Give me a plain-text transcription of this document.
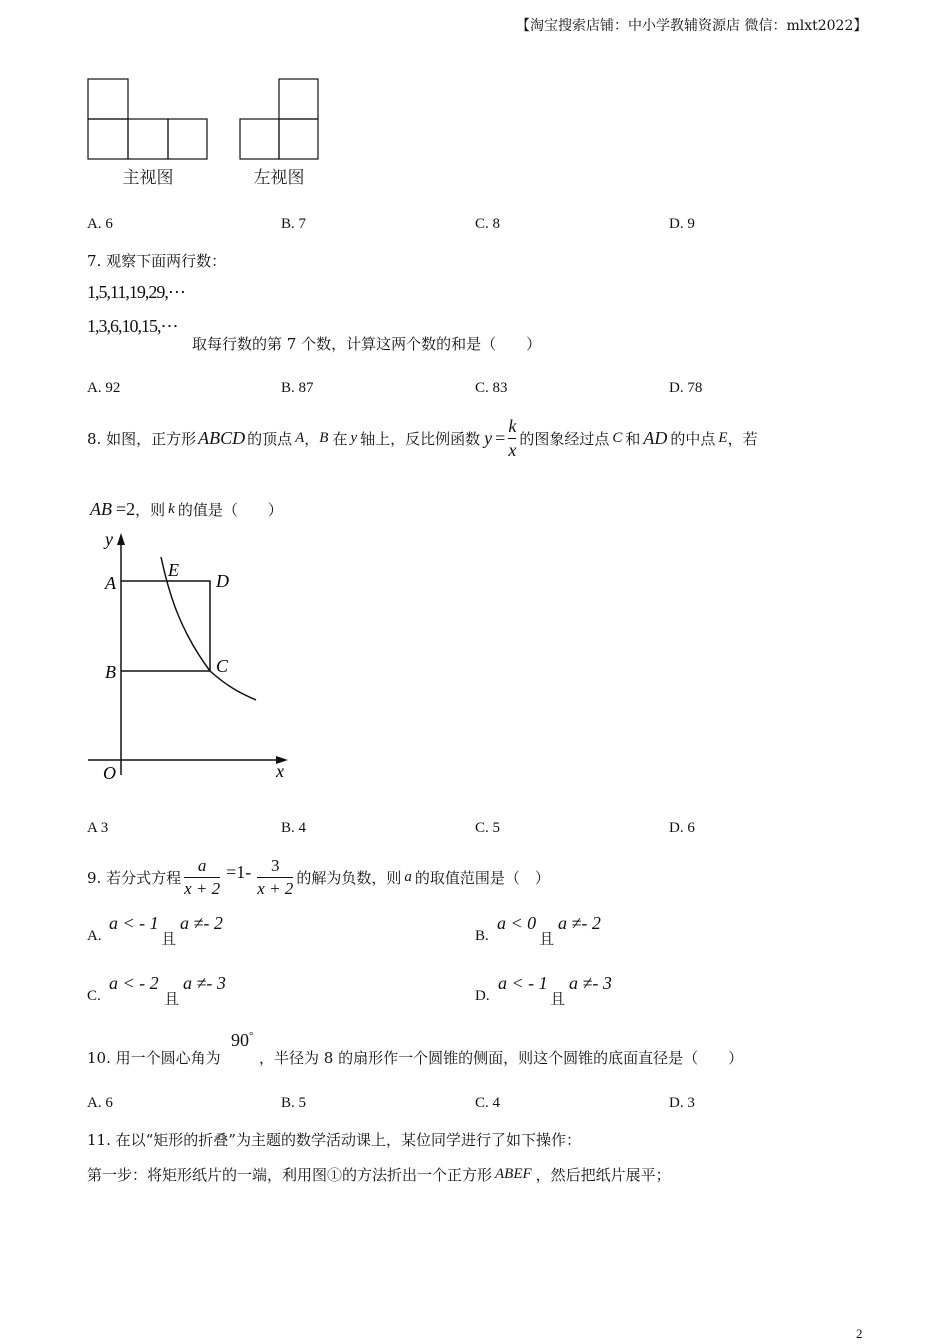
【淘宝搜索店铺：中小学教辅资源店 微信：mlxt2022】
主视图	左视图
A. 6	B. 7	C. 8	D. 9
7. 观察下面两行数：
1,5,11,19,29,⋯
1,3,6,10,15,⋯
取每行数的第 7 个数，计算这两个数的和是（　　）
A. 92	B. 87	C. 83	D. 78
8. 如图，正方形 ABCD 的顶点 A ， B 在 y 轴上，反比例函数 $y = \frac{k}{x}$ 的图象经过点 C 和 AD 的中点 E ，若
AB =2 ，则 k 的值是（　　）
y
A
E
D
B	C
O	x
A 3	B. 4	C. 5	D. 6
9. 若分式方程 $\frac{a}{x + 2} =1- \frac{3}{x + 2}$ 的解为负数，则 a 的取值范围是（　）
A.
a < - 1
且
a ≠- 2
B.
a < 0
且
a ≠- 2
C.
a < - 2
且
a ≠- 3
D.
a < - 1
且
a ≠- 3
10. 用一个圆心角为
90°
，半径为 8 的扇形作一个圆锥的侧面，则这个圆锥的底面直径是（　　）
A. 6	B. 5	C. 4	D. 3
11. 在以“矩形的折叠”为主题的数学活动课上，某位同学进行了如下操作：
第一步：将矩形纸片的一端，利用图①的方法折出一个正方形 ABEF ，然后把纸片展平；
2
